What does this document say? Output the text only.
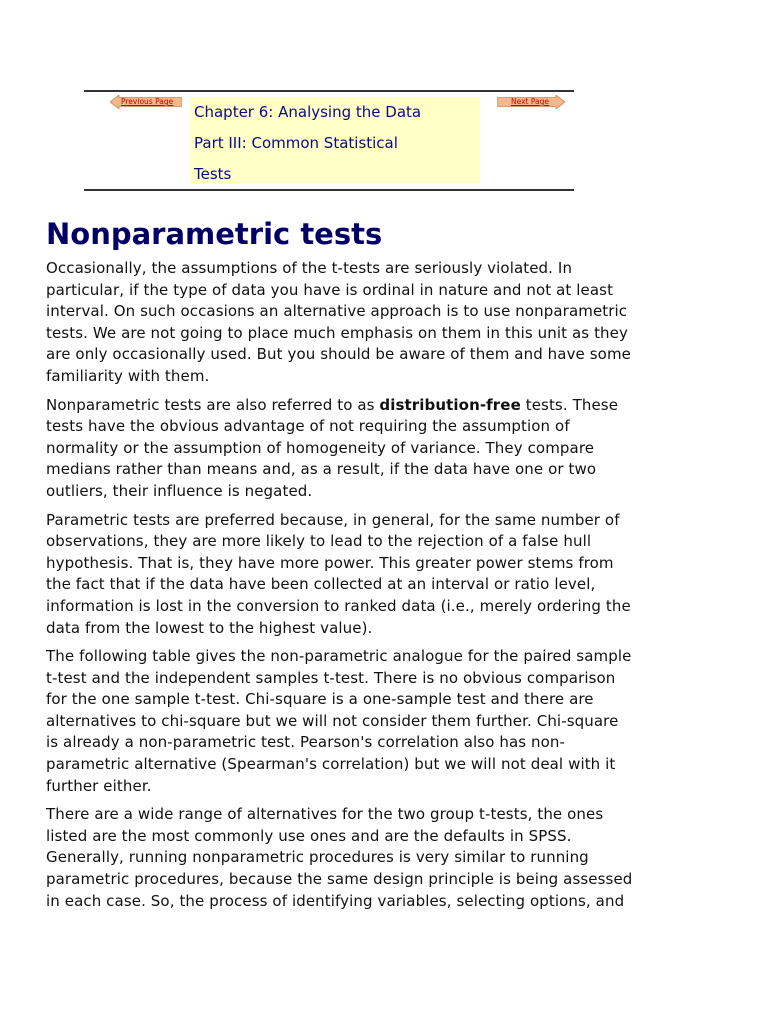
Previous Page
Chapter 6: Analysing the Data
Part III: Common Statistical
Tests
Next Page
Nonparametric tests

Occasionally, the assumptions of the t-tests are seriously violated. In
particular, if the type of data you have is ordinal in nature and not at least
interval. On such occasions an alternative approach is to use nonparametric
tests. We are not going to place much emphasis on them in this unit as they
are only occasionally used. But you should be aware of them and have some
familiarity with them.

Nonparametric tests are also referred to as distribution-free tests. These
tests have the obvious advantage of not requiring the assumption of
normality or the assumption of homogeneity of variance. They compare
medians rather than means and, as a result, if the data have one or two
outliers, their influence is negated.

Parametric tests are preferred because, in general, for the same number of
observations, they are more likely to lead to the rejection of a false hull
hypothesis. That is, they have more power. This greater power stems from
the fact that if the data have been collected at an interval or ratio level,
information is lost in the conversion to ranked data (i.e., merely ordering the
data from the lowest to the highest value).

The following table gives the non-parametric analogue for the paired sample
t-test and the independent samples t-test. There is no obvious comparison
for the one sample t-test. Chi-square is a one-sample test and there are
alternatives to chi-square but we will not consider them further. Chi-square
is already a non-parametric test. Pearson's correlation also has non-
parametric alternative (Spearman's correlation) but we will not deal with it
further either.

There are a wide range of alternatives for the two group t-tests, the ones
listed are the most commonly use ones and are the defaults in SPSS.
Generally, running nonparametric procedures is very similar to running
parametric procedures, because the same design principle is being assessed
in each case. So, the process of identifying variables, selecting options, and
